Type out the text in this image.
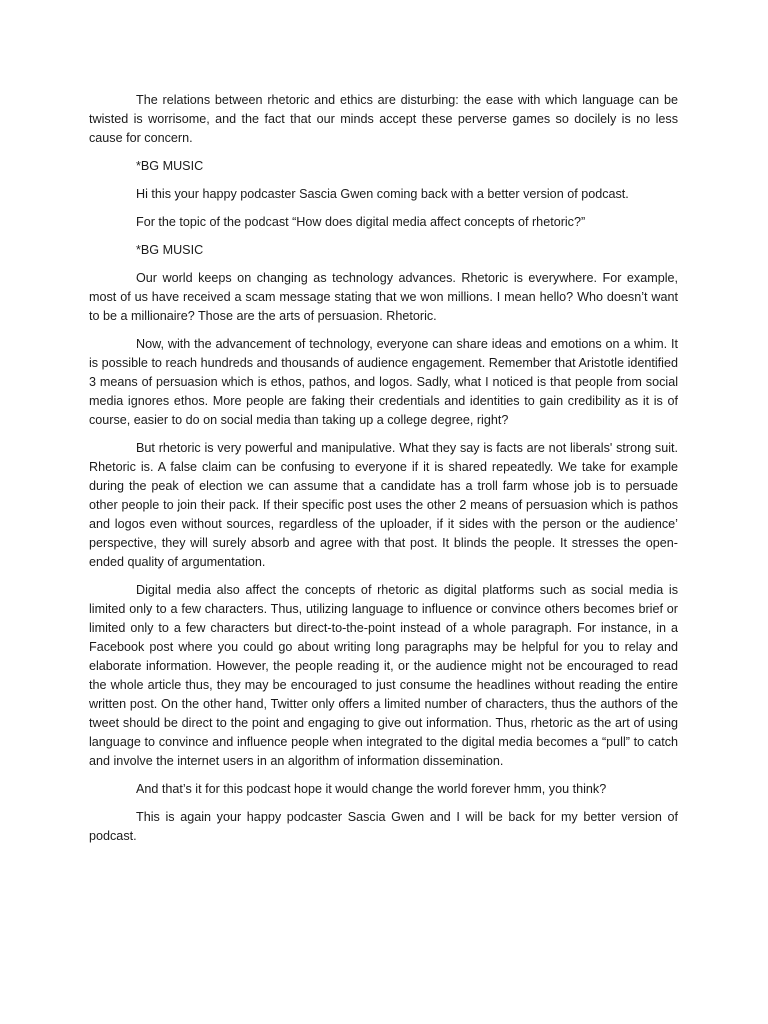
The relations between rhetoric and ethics are disturbing: the ease with which language can be twisted is worrisome, and the fact that our minds accept these perverse games so docilely is no less cause for concern.

*BG MUSIC

Hi this your happy podcaster Sascia Gwen coming back with a better version of podcast.

For the topic of the podcast “How does digital media affect concepts of rhetoric?”

*BG MUSIC

Our world keeps on changing as technology advances. Rhetoric is everywhere. For example, most of us have received a scam message stating that we won millions. I mean hello? Who doesn’t want to be a millionaire? Those are the arts of persuasion. Rhetoric.

Now, with the advancement of technology, everyone can share ideas and emotions on a whim. It is possible to reach hundreds and thousands of audience engagement. Remember that Aristotle identified 3 means of persuasion which is ethos, pathos, and logos. Sadly, what I noticed is that people from social media ignores ethos. More people are faking their credentials and identities to gain credibility as it is of course, easier to do on social media than taking up a college degree, right?

But rhetoric is very powerful and manipulative. What they say is facts are not liberals' strong suit. Rhetoric is. A false claim can be confusing to everyone if it is shared repeatedly. We take for example during the peak of election we can assume that a candidate has a troll farm whose job is to persuade other people to join their pack. If their specific post uses the other 2 means of persuasion which is pathos and logos even without sources, regardless of the uploader, if it sides with the person or the audience’ perspective, they will surely absorb and agree with that post. It blinds the people. It stresses the open-ended quality of argumentation.

Digital media also affect the concepts of rhetoric as digital platforms such as social media is limited only to a few characters. Thus, utilizing language to influence or convince others becomes brief or limited only to a few characters but direct-to-the-point instead of a whole paragraph. For instance, in a Facebook post where you could go about writing long paragraphs may be helpful for you to relay and elaborate information. However, the people reading it, or the audience might not be encouraged to read the whole article thus, they may be encouraged to just consume the headlines without reading the entire written post. On the other hand, Twitter only offers a limited number of characters, thus the authors of the tweet should be direct to the point and engaging to give out information. Thus, rhetoric as the art of using language to convince and influence people when integrated to the digital media becomes a “pull” to catch and involve the internet users in an algorithm of information dissemination.

And that’s it for this podcast hope it would change the world forever hmm, you think?

This is again your happy podcaster Sascia Gwen and I will be back for my better version of podcast.
